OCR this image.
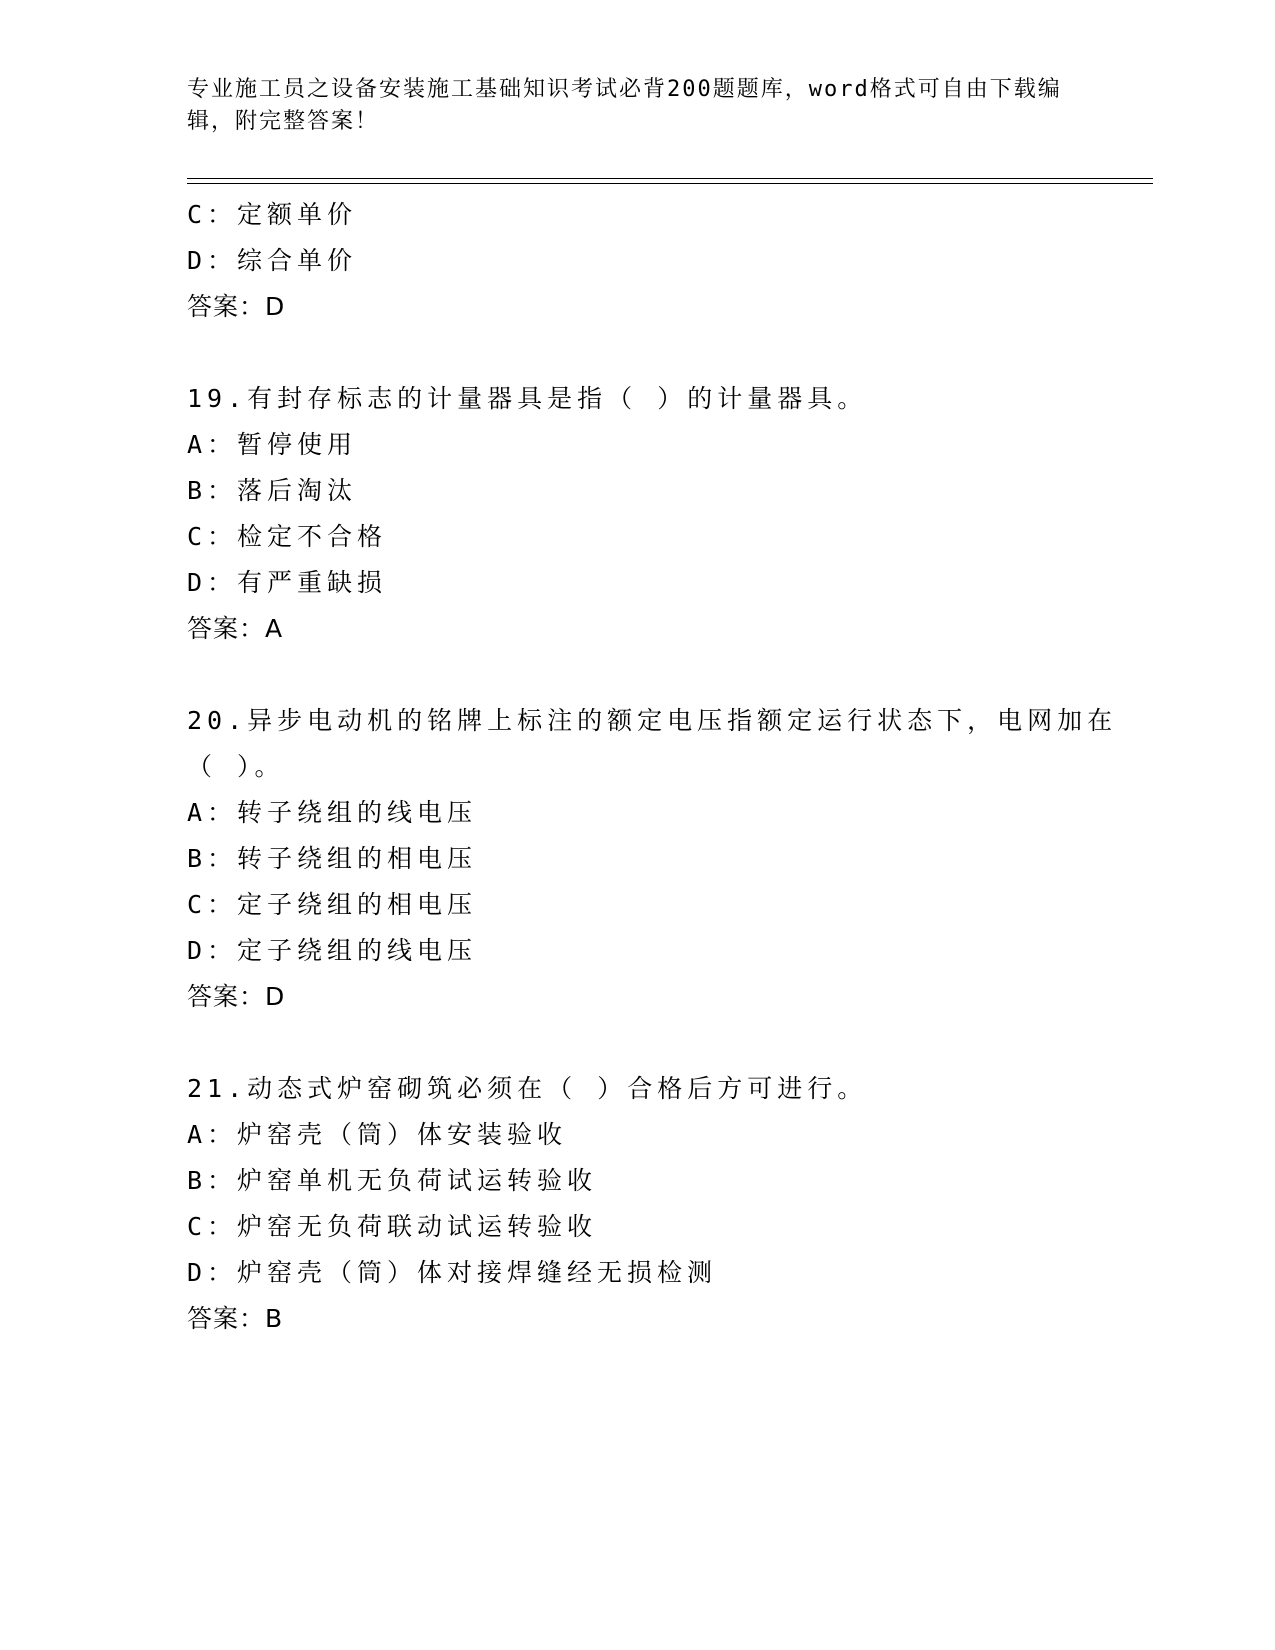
专业施工员之设备安装施工基础知识考试必背200题题库，word格式可自由下载编辑，附完整答案！
C：定额单价
D：综合单价
答案：D
19.有封存标志的计量器具是指（ ）的计量器具。
A：暂停使用
B：落后淘汰
C：检定不合格
D：有严重缺损
答案：A
20.异步电动机的铭牌上标注的额定电压指额定运行状态下，电网加在
（ ）。
A：转子绕组的线电压
B：转子绕组的相电压
C：定子绕组的相电压
D：定子绕组的线电压
答案：D
21.动态式炉窑砌筑必须在（ ）合格后方可进行。
A：炉窑壳（筒）体安装验收
B：炉窑单机无负荷试运转验收
C：炉窑无负荷联动试运转验收
D：炉窑壳（筒）体对接焊缝经无损检测
答案：B
